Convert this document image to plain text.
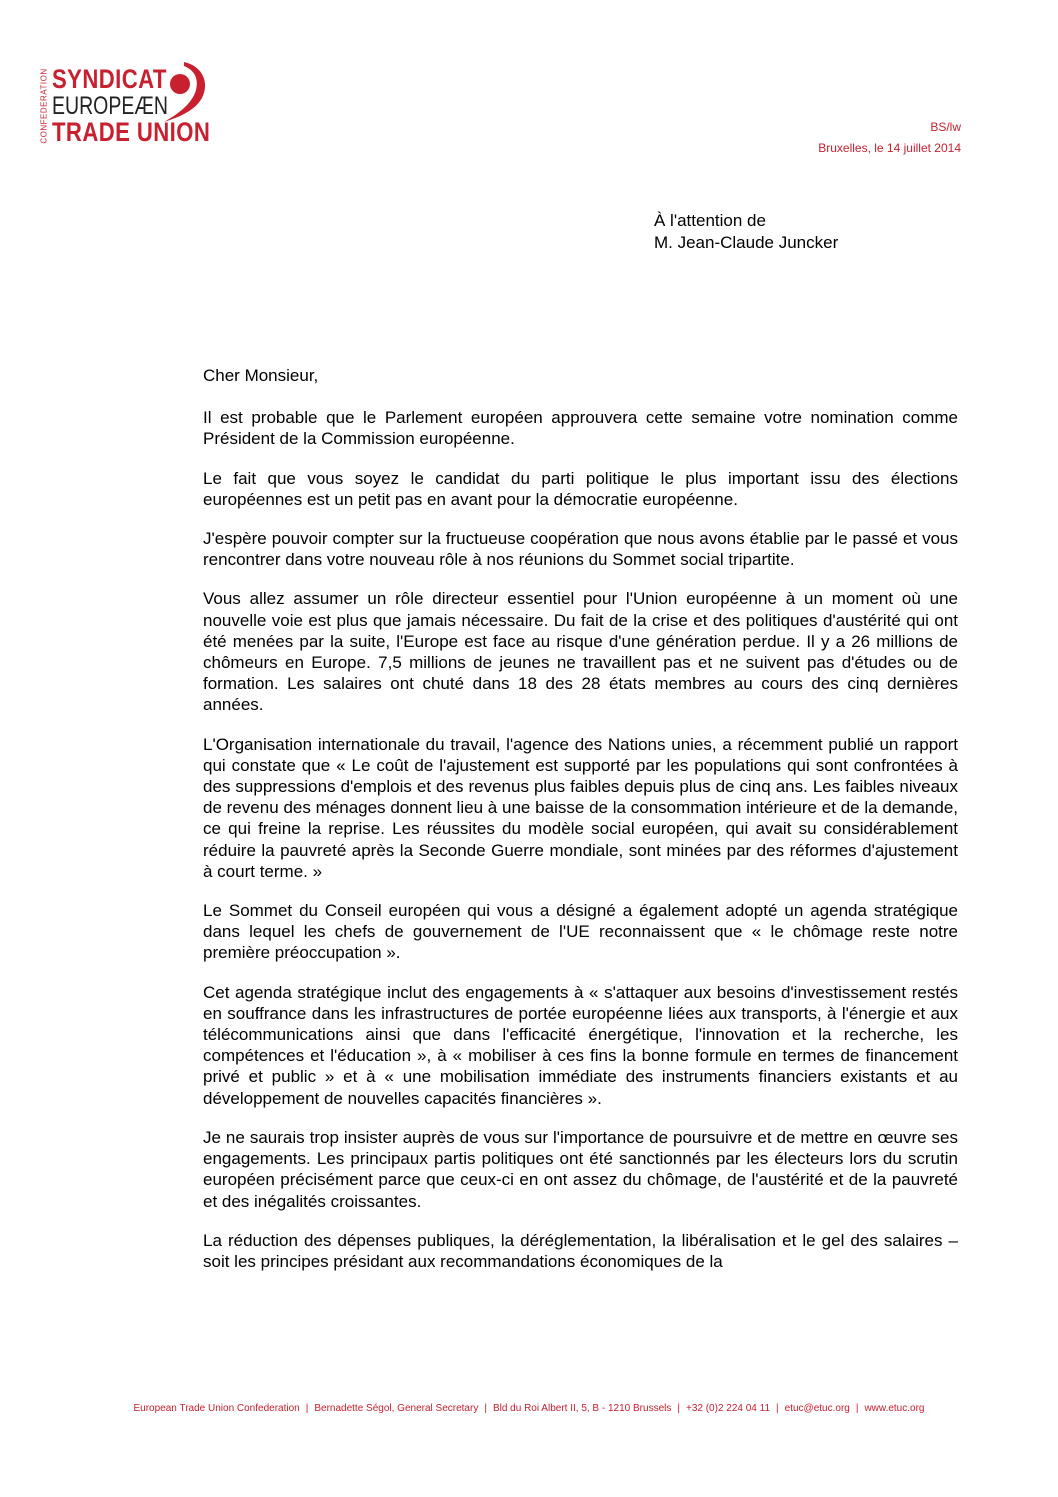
CONFEDERATION SYNDICAT
EUROPEÆN
TRADE UNION	BS/lw
Bruxelles, le 14 juillet 2014
À l'attention de
M. Jean-Claude Juncker

Cher Monsieur,

Il est probable que le Parlement européen approuvera cette semaine votre nomination comme Président de la Commission européenne.

Le fait que vous soyez le candidat du parti politique le plus important issu des élections européennes est un petit pas en avant pour la démocratie européenne.

J'espère pouvoir compter sur la fructueuse coopération que nous avons établie par le passé et vous rencontrer dans votre nouveau rôle à nos réunions du Sommet social tripartite.

Vous allez assumer un rôle directeur essentiel pour l'Union européenne à un moment où une nouvelle voie est plus que jamais nécessaire. Du fait de la crise et des politiques d'austérité qui ont été menées par la suite, l'Europe est face au risque d'une génération perdue. Il y a 26 millions de chômeurs en Europe. 7,5 millions de jeunes ne travaillent pas et ne suivent pas d'études ou de formation. Les salaires ont chuté dans 18 des 28 états membres au cours des cinq dernières années.

L'Organisation internationale du travail, l'agence des Nations unies, a récemment publié un rapport qui constate que « Le coût de l'ajustement est supporté par les populations qui sont confrontées à des suppressions d'emplois et des revenus plus faibles depuis plus de cinq ans. Les faibles niveaux de revenu des ménages donnent lieu à une baisse de la consommation intérieure et de la demande, ce qui freine la reprise. Les réussites du modèle social européen, qui avait su considérablement réduire la pauvreté après la Seconde Guerre mondiale, sont minées par des réformes d'ajustement à court terme. »

Le Sommet du Conseil européen qui vous a désigné a également adopté un agenda stratégique dans lequel les chefs de gouvernement de l'UE reconnaissent que « le chômage reste notre première préoccupation ».

Cet agenda stratégique inclut des engagements à « s'attaquer aux besoins d'investissement restés en souffrance dans les infrastructures de portée européenne liées aux transports, à l'énergie et aux télécommunications ainsi que dans l'efficacité énergétique, l'innovation et la recherche, les compétences et l'éducation », à « mobiliser à ces fins la bonne formule en termes de financement privé et public » et à « une mobilisation immédiate des instruments financiers existants et au développement de nouvelles capacités financières ».

Je ne saurais trop insister auprès de vous sur l'importance de poursuivre et de mettre en œuvre ses engagements. Les principaux partis politiques ont été sanctionnés par les électeurs lors du scrutin européen précisément parce que ceux-ci en ont assez du chômage, de l'austérité et de la pauvreté et des inégalités croissantes.

La réduction des dépenses publiques, la déréglementation, la libéralisation et le gel des salaires – soit les principes présidant aux recommandations économiques de la

European Trade Union Confederation | Bernadette Ségol, General Secretary | Bld du Roi Albert II, 5, B - 1210 Brussels | +32 (0)2 224 04 11 | etuc@etuc.org | www.etuc.org
